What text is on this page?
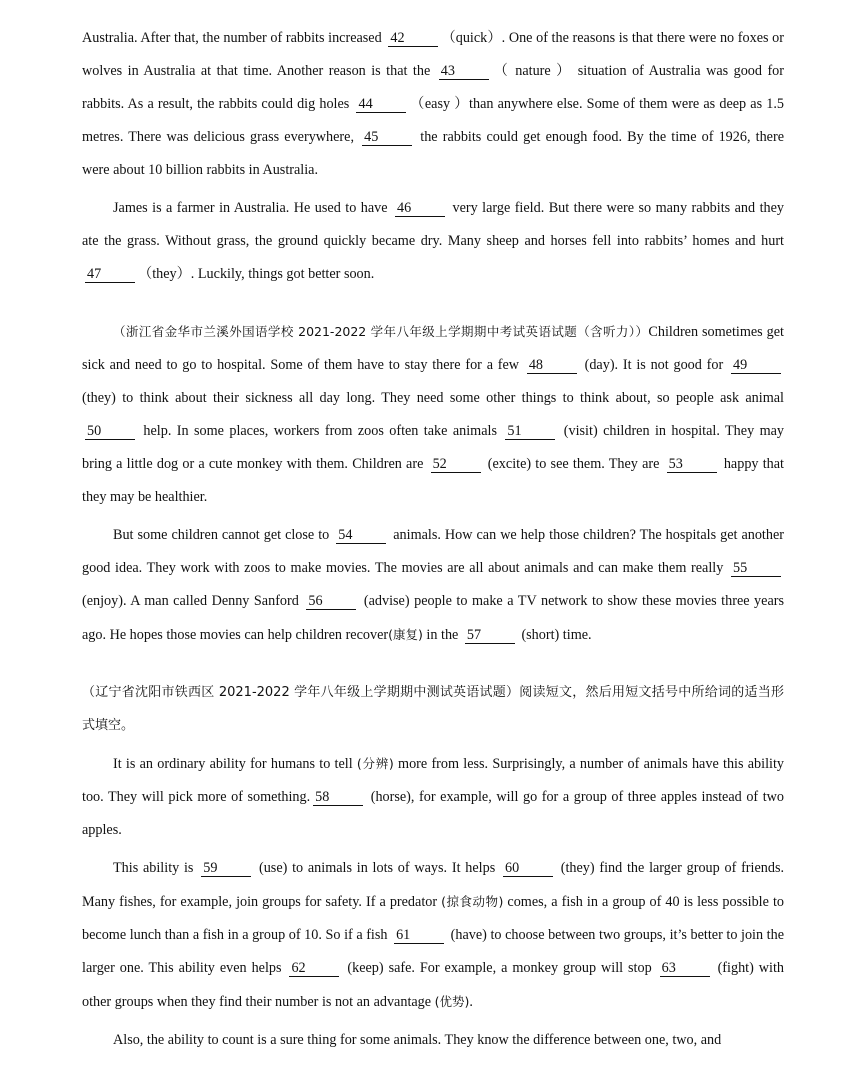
Australia. After that, the number of rabbits increased 42	（quick）. One of the reasons is that there were no foxes or wolves in Australia at that time. Another reason is that the 43	（ nature ） situation of Australia was good for rabbits. As a result, the rabbits could dig holes 44	（easy ）than anywhere else. Some of them were as deep as 1.5 metres. There was delicious grass everywhere, 45	the rabbits could get enough food. By the time of 1926, there were about 10 billion rabbits in Australia.

James is a farmer in Australia. He used to have 46	very large field. But there were so many rabbits and they ate the grass. Without grass, the ground quickly became dry. Many sheep and horses fell into rabbits’ homes and hurt 47	（they）. Luckily, things got better soon.

（浙江省金华市兰溪外国语学校 2021-2022 学年八年级上学期期中考试英语试题（含听力））Children sometimes get sick and need to go to hospital. Some of them have to stay there for a few 48	(day). It is not good for 49 (they) to think about their sickness all day long. They need some other things to think about, so people ask animal 50	help. In some places, workers from zoos often take animals 51	(visit) children in hospital. They may bring a little dog or a cute monkey with them. Children are 52	(excite) to see them. They are 53	happy that they may be healthier.

But some children cannot get close to 54	animals. How can we help those children? The hospitals get another good idea. They work with zoos to make movies. The movies are all about animals and can make them really 55 (enjoy). A man called Denny Sanford 56	(advise) people to make a TV network to show these movies three years ago. He hopes those movies can help children recover(康复) in the 57	(short) time.

（辽宁省沈阳市铁西区 2021-2022 学年八年级上学期期中测试英语试题）阅读短文，然后用短文括号中所给词的适当形式填空。

It is an ordinary ability for humans to tell (分辨) more from less. Surprisingly, a number of animals have this ability too. They will pick more of something. 58	(horse), for example, will go for a group of three apples instead of two apples.

This ability is 59	(use) to animals in lots of ways. It helps 60	(they) find the larger group of friends. Many fishes, for example, join groups for safety. If a predator (掠食动物) comes, a fish in a group of 40 is less possible to become lunch than a fish in a group of 10. So if a fish 61	(have) to choose between two groups, it’s better to join the larger one. This ability even helps 62	(keep) safe. For example, a monkey group will stop 63	(fight) with other groups when they find their number is not an advantage (优势).

Also, the ability to count is a sure thing for some animals. They know the difference between one, two, and
